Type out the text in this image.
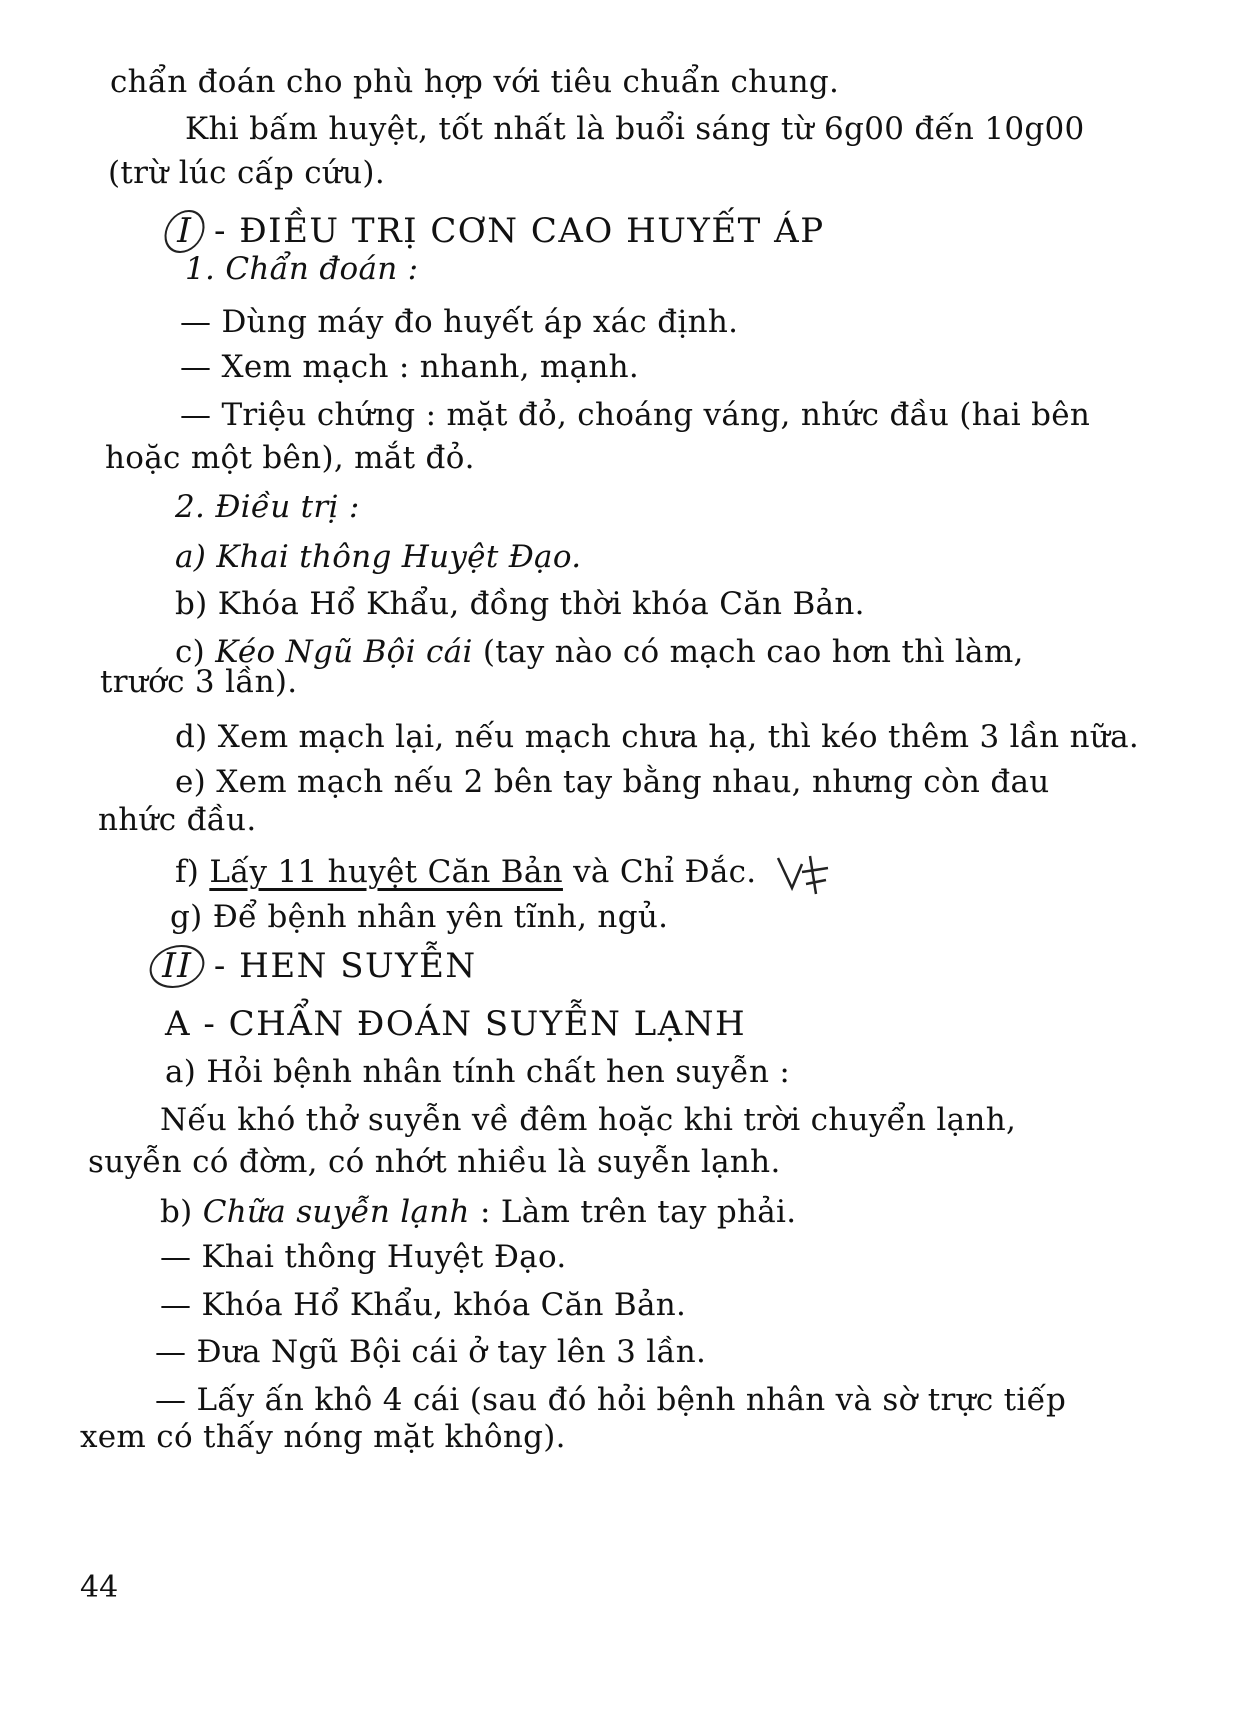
chẩn đoán cho phù hợp với tiêu chuẩn chung.
Khi bấm huyệt, tốt nhất là buổi sáng từ 6g00 đến 10g00
(trừ lúc cấp cứu).
I - ĐIỀU TRỊ CƠN CAO HUYẾT ÁP
1. Chẩn đoán :
— Dùng máy đo huyết áp xác định.
— Xem mạch : nhanh, mạnh.
— Triệu chứng : mặt đỏ, choáng váng, nhức đầu (hai bên
hoặc một bên), mắt đỏ.
2. Điều trị :
a) Khai thông Huyệt Đạo.
b) Khóa Hổ Khẩu, đồng thời khóa Căn Bản.
c) Kéo Ngũ Bội cái (tay nào có mạch cao hơn thì làm,
trước 3 lần).
d) Xem mạch lại, nếu mạch chưa hạ, thì kéo thêm 3 lần nữa.
e) Xem mạch nếu 2 bên tay bằng nhau, nhưng còn đau
nhức đầu.
f) Lấy 11 huyệt Căn Bản và Chỉ Đắc.
g) Để bệnh nhân yên tĩnh, ngủ.
II - HEN SUYỄN
A - CHẨN ĐOÁN SUYỄN LẠNH
a) Hỏi bệnh nhân tính chất hen suyễn :
Nếu khó thở suyễn về đêm hoặc khi trời chuyển lạnh,
suyễn có đờm, có nhớt nhiều là suyễn lạnh.
b) Chữa suyễn lạnh : Làm trên tay phải.
— Khai thông Huyệt Đạo.
— Khóa Hổ Khẩu, khóa Căn Bản.
— Đưa Ngũ Bội cái ở tay lên 3 lần.
— Lấy ấn khô 4 cái (sau đó hỏi bệnh nhân và sờ trực tiếp
xem có thấy nóng mặt không).
44
